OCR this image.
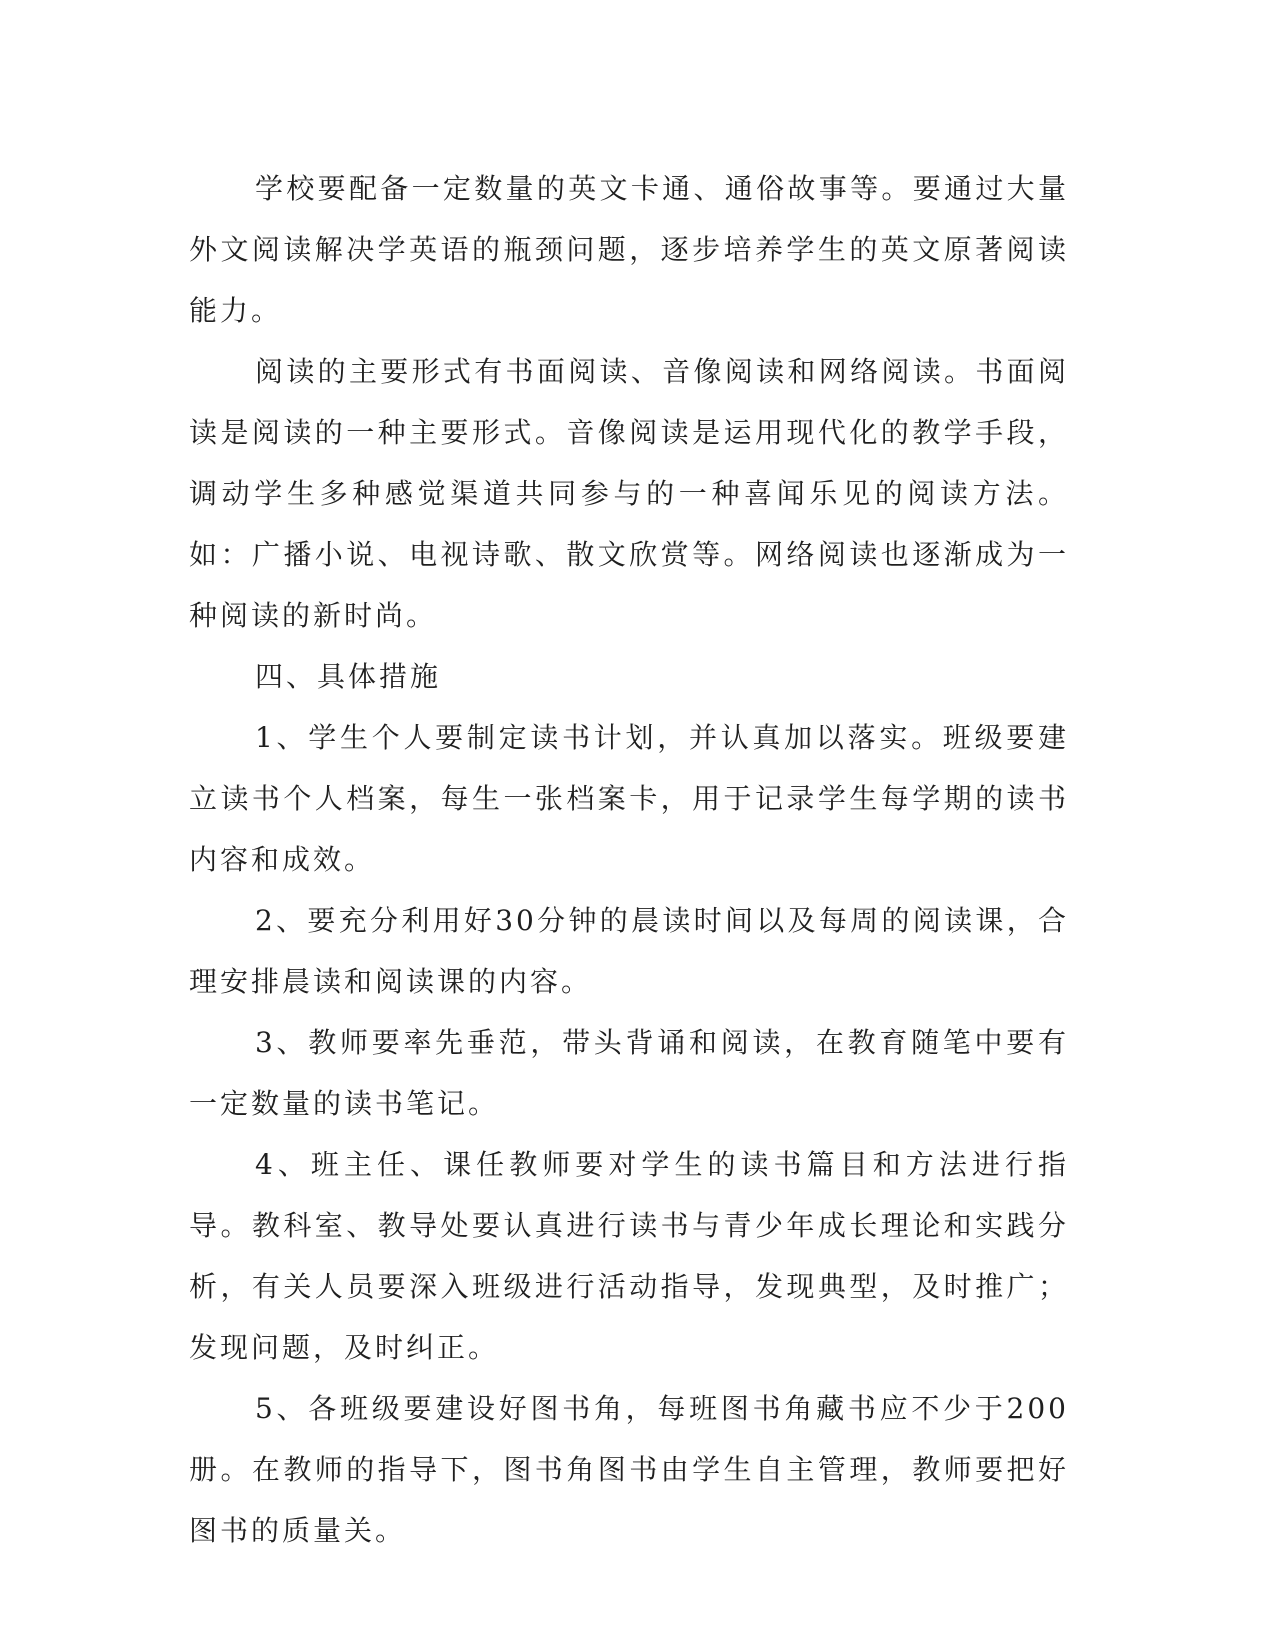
学校要配备一定数量的英文卡通、通俗故事等。要通过大量外文阅读解决学英语的瓶颈问题，逐步培养学生的英文原著阅读能力。

阅读的主要形式有书面阅读、音像阅读和网络阅读。书面阅读是阅读的一种主要形式。音像阅读是运用现代化的教学手段，调动学生多种感觉渠道共同参与的一种喜闻乐见的阅读方法。如：广播小说、电视诗歌、散文欣赏等。网络阅读也逐渐成为一种阅读的新时尚。

四、具体措施

1、学生个人要制定读书计划，并认真加以落实。班级要建立读书个人档案，每生一张档案卡，用于记录学生每学期的读书内容和成效。

2、要充分利用好30分钟的晨读时间以及每周的阅读课，合理安排晨读和阅读课的内容。

3、教师要率先垂范，带头背诵和阅读，在教育随笔中要有一定数量的读书笔记。

4、班主任、课任教师要对学生的读书篇目和方法进行指导。教科室、教导处要认真进行读书与青少年成长理论和实践分析，有关人员要深入班级进行活动指导，发现典型，及时推广；发现问题，及时纠正。

5、各班级要建设好图书角，每班图书角藏书应不少于200册。在教师的指导下，图书角图书由学生自主管理，教师要把好图书的质量关。
